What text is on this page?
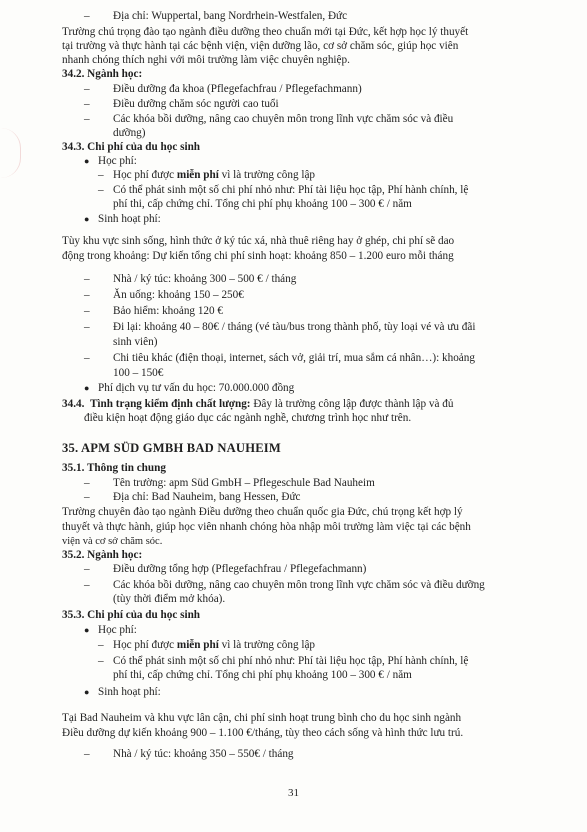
– Địa chỉ: Wuppertal, bang Nordrhein-Westfalen, Đức
Trường chú trọng đào tạo ngành điều dưỡng theo chuẩn mới tại Đức, kết hợp học lý thuyết
tại trường và thực hành tại các bệnh viện, viện dưỡng lão, cơ sở chăm sóc, giúp học viên
nhanh chóng thích nghi với môi trường làm việc chuyên nghiệp.
34.2. Ngành học:
– Điều dưỡng đa khoa (Pflegefachfrau / Pflegefachmann)
– Điều dưỡng chăm sóc người cao tuổi
– Các khóa bồi dưỡng, nâng cao chuyên môn trong lĩnh vực chăm sóc và điều
dưỡng)
34.3. Chi phí của du học sinh
● Học phí:
– Học phí được miễn phí vì là trường công lập
– Có thể phát sinh một số chi phí nhỏ như: Phí tài liệu học tập, Phí hành chính, lệ
phí thi, cấp chứng chỉ. Tổng chi phí phụ khoảng 100 – 300 € / năm
● Sinh hoạt phí:
Tùy khu vực sinh sống, hình thức ở ký túc xá, nhà thuê riêng hay ở ghép, chi phí sẽ dao
động trong khoảng: Dự kiến tổng chi phí sinh hoạt: khoảng 850 – 1.200 euro mỗi tháng
– Nhà / ký túc: khoảng 300 – 500 € / tháng
– Ăn uống: khoảng 150 – 250€
– Bảo hiểm: khoảng 120 €
– Đi lại: khoảng 40 – 80€ / tháng (vé tàu/bus trong thành phố, tùy loại vé và ưu đãi
sinh viên)
– Chi tiêu khác (điện thoại, internet, sách vở, giải trí, mua sắm cá nhân…): khoảng
100 – 150€
● Phí dịch vụ tư vấn du học: 70.000.000 đồng
34.4. Tình trạng kiểm định chất lượng: Đây là trường công lập được thành lập và đủ
điều kiện hoạt động giáo dục các ngành nghề, chương trình học như trên.
35. APM SÜD GMBH BAD NAUHEIM
35.1. Thông tin chung
– Tên trường: apm Süd GmbH – Pflegeschule Bad Nauheim
– Địa chỉ: Bad Nauheim, bang Hessen, Đức
Trường chuyên đào tạo ngành Điều dưỡng theo chuẩn quốc gia Đức, chú trọng kết hợp lý
thuyết và thực hành, giúp học viên nhanh chóng hòa nhập môi trường làm việc tại các bệnh
viện và cơ sở chăm sóc.
35.2. Ngành học:
– Điều dưỡng tổng hợp (Pflegefachfrau / Pflegefachmann)
– Các khóa bồi dưỡng, nâng cao chuyên môn trong lĩnh vực chăm sóc và điều dưỡng
(tùy thời điểm mở khóa).
35.3. Chi phí của du học sinh
● Học phí:
– Học phí được miễn phí vì là trường công lập
– Có thể phát sinh một số chi phí nhỏ như: Phí tài liệu học tập, Phí hành chính, lệ
phí thi, cấp chứng chỉ. Tổng chi phí phụ khoảng 100 – 300 € / năm
● Sinh hoạt phí:
Tại Bad Nauheim và khu vực lân cận, chi phí sinh hoạt trung bình cho du học sinh ngành
Điều dưỡng dự kiến khoảng 900 – 1.100 €/tháng, tùy theo cách sống và hình thức lưu trú.
– Nhà / ký túc: khoảng 350 – 550€ / tháng
31
